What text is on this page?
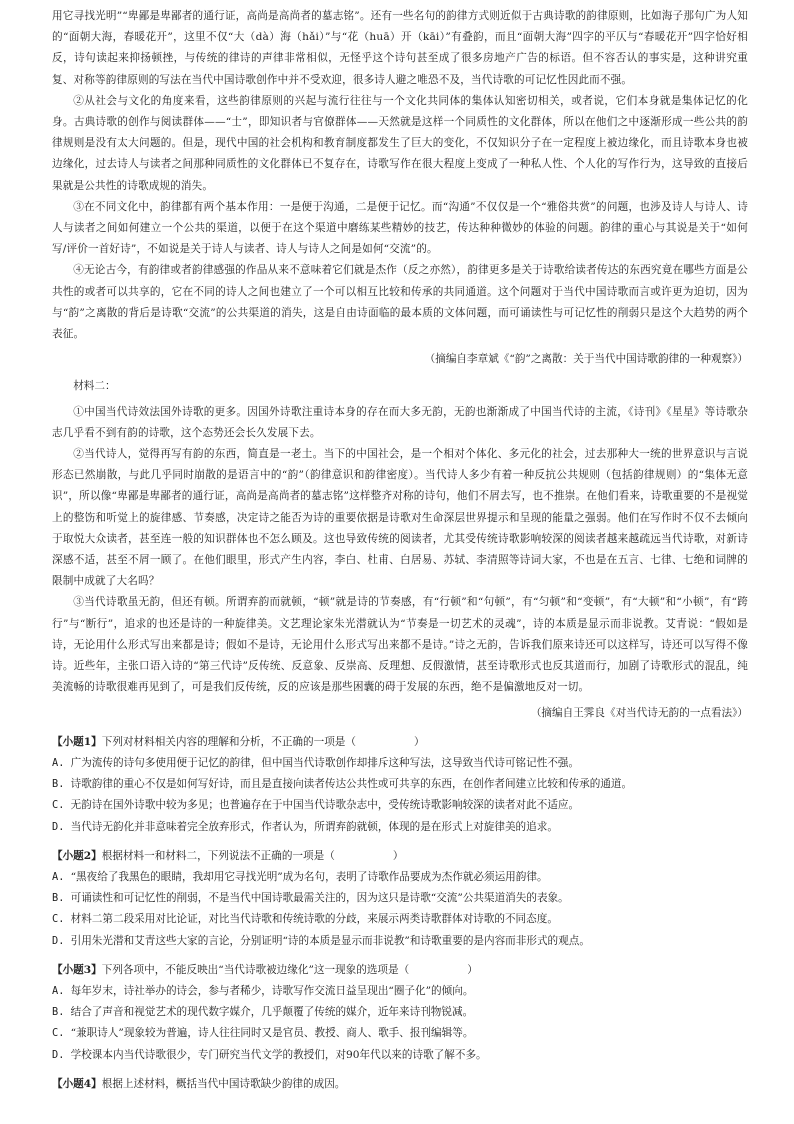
用它寻找光明”“卑鄙是卑鄙者的通行证，高尚是高尚者的墓志铭”。还有一些名句的韵律方式则近似于古典诗歌的韵律原则，比如海子那句广为人知的“面朝大海，春暖花开”，这里不仅“大（dà）海（hǎi）”与“花（huā）开（kāi）”有叠韵，而且“面朝大海”四字的平仄与“春暖花开”四字恰好相反，诗句读起来抑扬顿挫，与传统的律诗的声律非常相似，无怪乎这个诗句甚至成了很多房地产广告的标语。但不容否认的事实是，这种讲究重复、对称等韵律原则的写法在当代中国诗歌创作中并不受欢迎，很多诗人避之唯恐不及，当代诗歌的可记忆性因此而不强。

②从社会与文化的角度来看，这些韵律原则的兴起与流行往往与一个文化共同体的集体认知密切相关，或者说，它们本身就是集体记忆的化身。古典诗歌的创作与阅读群体——“士”，即知识者与官僚群体——天然就是这样一个同质性的文化群体，所以在他们之中逐渐形成一些公共的韵律规则是没有太大问题的。但是，现代中国的社会机构和教育制度都发生了巨大的变化，不仅知识分子在一定程度上被边缘化，而且诗歌本身也被边缘化，过去诗人与读者之间那种同质性的文化群体已不复存在，诗歌写作在很大程度上变成了一种私人性、个人化的写作行为，这导致的直接后果就是公共性的诗歌成规的消失。

③在不同文化中，韵律都有两个基本作用：一是便于沟通，二是便于记忆。而“沟通”不仅仅是一个“雅俗共赏”的问题，也涉及诗人与诗人、诗人与读者之间如何建立一个公共的渠道，以便于在这个渠道中磨练某些精妙的技艺，传达种种微妙的体验的问题。韵律的重心与其说是关于“如何写/评价一首好诗”，不如说是关于诗人与读者、诗人与诗人之间是如何“交流”的。

④无论古今，有韵律或者韵律感强的作品从来不意味着它们就是杰作（反之亦然），韵律更多是关于诗歌给读者传达的东西究竟在哪些方面是公共性的或者可以共享的，它在不同的诗人之间也建立了一个可以相互比较和传承的共同通道。这个问题对于当代中国诗歌而言或许更为迫切，因为与“韵”之离散的背后是诗歌“交流”的公共渠道的消失，这是自由诗面临的最本质的文体问题，而可诵读性与可记忆性的削弱只是这个大趋势的两个表征。

（摘编自李章斌《“韵”之离散：关于当代中国诗歌韵律的一种观察》）

材料二：

①中国当代诗效法国外诗歌的更多。因国外诗歌注重诗本身的存在而大多无韵，无韵也渐渐成了中国当代诗的主流，《诗刊》《星星》等诗歌杂志几乎看不到有韵的诗歌，这个态势还会长久发展下去。

②当代诗人，觉得再写有韵的东西，简直是一老土。当下的中国社会，是一个相对个体化、多元化的社会，过去那种大一统的世界意识与言说形态已然崩散，与此几乎同时崩散的是语言中的“韵”（韵律意识和韵律密度）。当代诗人多少有着一种反抗公共规则（包括韵律规则）的“集体无意识”，所以像“卑鄙是卑鄙者的通行证，高尚是高尚者的墓志铭”这样整齐对称的诗句，他们不屑去写，也不推崇。在他们看来，诗歌重要的不是视觉上的整饬和听觉上的旋律感、节奏感，决定诗之能否为诗的重要依据是诗歌对生命深层世界提示和呈现的能量之强弱。他们在写作时不仅不去倾向于取悦大众读者，甚至连一般的知识群体也不怎么顾及。这也导致传统的阅读者，尤其受传统诗歌影响较深的阅读者越来越疏远当代诗歌，对新诗深感不适，甚至不屑一顾了。在他们眼里，形式产生内容，李白、杜甫、白居易、苏轼、李清照等诗词大家，不也是在五言、七律、七绝和词牌的限制中成就了大名吗？

③当代诗歌虽无韵，但还有顿。所谓弃韵而就顿，“顿”就是诗的节奏感，有“行顿”和“句顿”，有“匀顿”和“变顿”，有“大顿”和“小顿”，有“跨行”与“断行”，追求的也还是诗的一种旋律美。文艺理论家朱光潜就认为“节奏是一切艺术的灵魂”，诗的本质是显示而非说教。艾青说：“假如是诗，无论用什么形式写出来都是诗；假如不是诗，无论用什么形式写出来都不是诗。”诗之无韵，告诉我们原来诗还可以这样写，诗还可以写得不像诗。近些年，主张口语入诗的“第三代诗”反传统、反意象、反崇高、反理想、反假激情，甚至诗歌形式也反其道而行，加剧了诗歌形式的混乱，纯美流畅的诗歌很难再见到了，可是我们反传统，反的应该是那些困囊的碍于发展的东西，绝不是偏激地反对一切。

（摘编自王霁良《对当代诗无韵的一点看法》）

【小题1】下列对材料相关内容的理解和分析，不正确的一项是（	）

A. 广为流传的诗句多使用便于记忆的韵律，但中国当代诗歌创作却排斥这种写法，这导致当代诗可铭记性不强。

B. 诗歌韵律的重心不仅是如何写好诗，而且是直接向读者传达公共性或可共享的东西，在创作者间建立比较和传承的通道。

C. 无韵诗在国外诗歌中较为多见；也普遍存在于中国当代诗歌杂志中，受传统诗歌影响较深的读者对此不适应。

D. 当代诗无韵化并非意味着完全放弃形式，作者认为，所谓弃韵就顿，体现的是在形式上对旋律美的追求。

【小题2】根据材料一和材料二，下列说法不正确的一项是（	）

A. “黑夜给了我黑色的眼睛，我却用它寻找光明”成为名句，表明了诗歌作品要成为杰作就必须运用韵律。

B. 可诵读性和可记忆性的削弱，不是当代中国诗歌最需关注的，因为这只是诗歌“交流”公共渠道消失的表象。

C. 材料二第二段采用对比论证，对比当代诗歌和传统诗歌的分歧，来展示两类诗歌群体对诗歌的不同态度。

D. 引用朱光潜和艾青这些大家的言论，分别证明“诗的本质是显示而非说教”和诗歌重要的是内容而非形式的观点。

【小题3】下列各项中，不能反映出“当代诗歌被边缘化”这一现象的选项是（	）

A. 每年岁末，诗社举办的诗会，参与者稀少，诗歌写作交流日益呈现出“圈子化”的倾向。

B. 结合了声音和视觉艺术的现代数字媒介，几乎颠覆了传统的媒介，近年来诗刊物锐减。

C. “兼职诗人”现象较为普遍，诗人往往同时又是官员、教授、商人、歌手、报刊编辑等。

D. 学校课本内当代诗歌很少，专门研究当代文学的教授们，对90年代以来的诗歌了解不多。

【小题4】根据上述材料，概括当代中国诗歌缺少韵律的成因。
